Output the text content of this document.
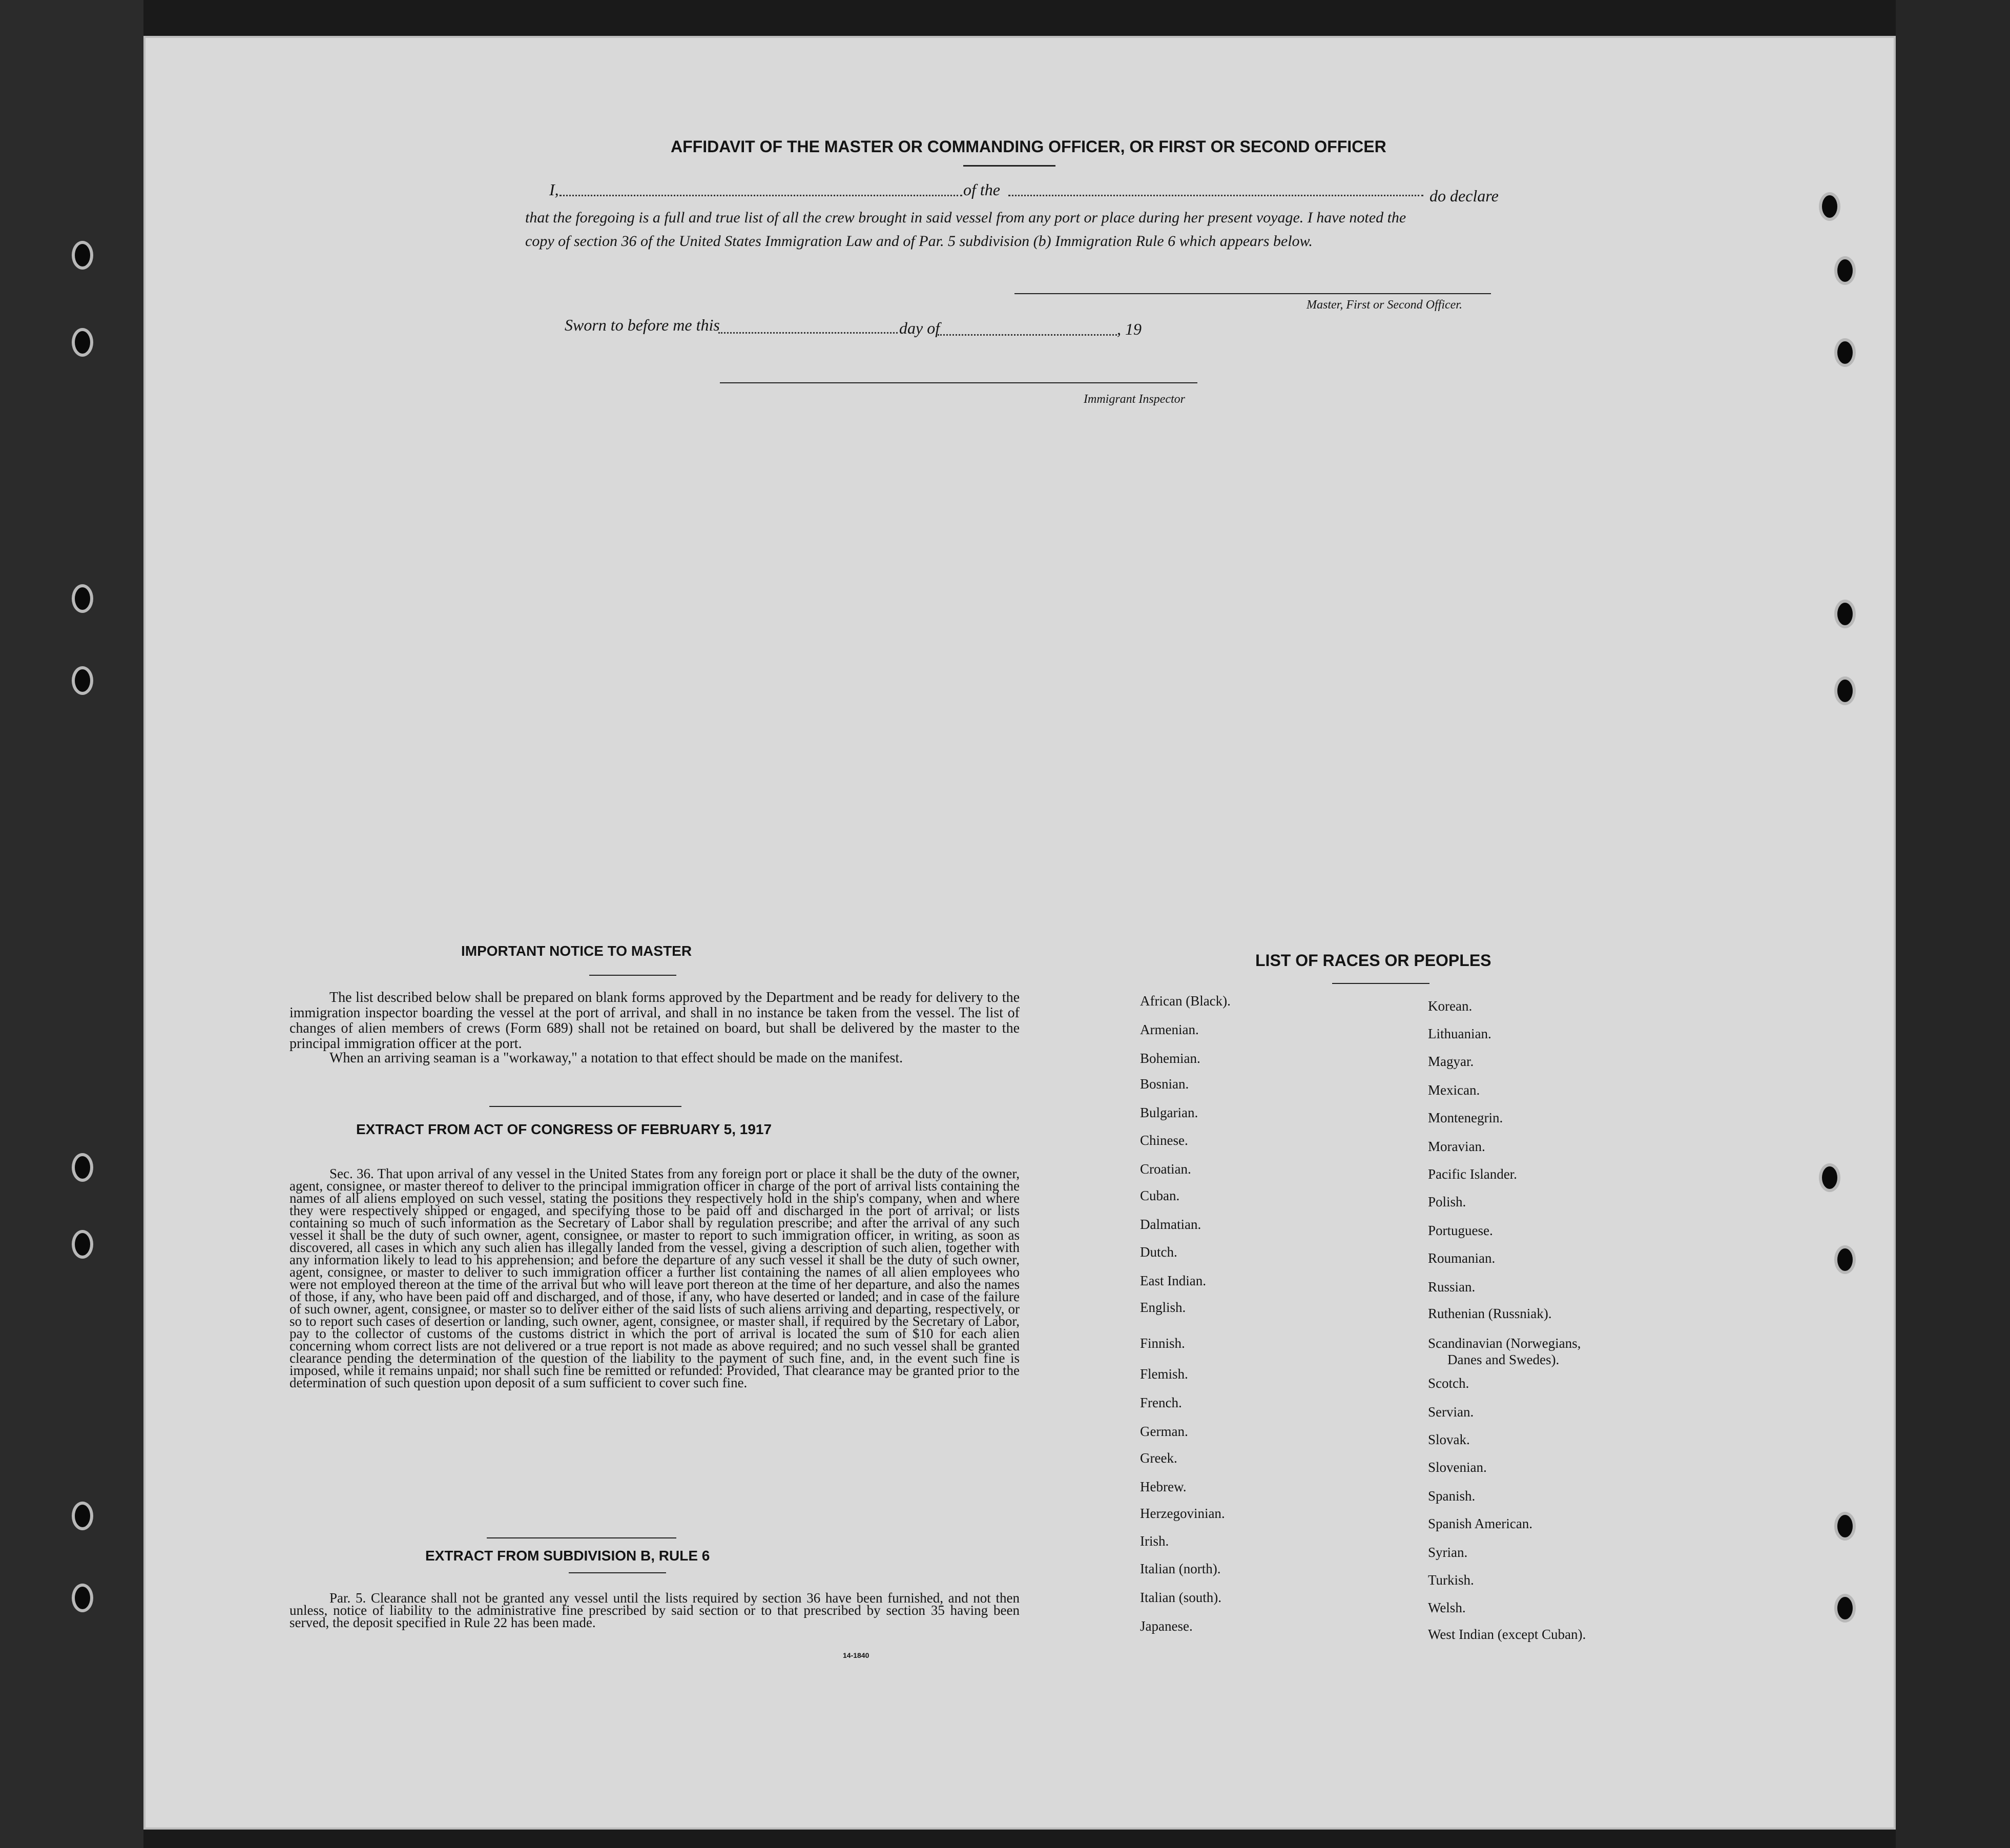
AFFIDAVIT OF THE MASTER OR COMMANDING OFFICER, OR FIRST OR SECOND OFFICER
I,	of the	do declare
that the foregoing is a full and true list of all the crew brought in said vessel from any port or place during her present voyage. I have noted the
copy of section 36 of the United States Immigration Law and of Par. 5 subdivision (b) Immigration Rule 6 which appears below.
Master, First or Second Officer.
Sworn to before me this	day of	, 19
Immigrant Inspector
IMPORTANT NOTICE TO MASTER
The list described below shall be prepared on blank forms approved by the Department and be ready for delivery to the immigration inspector boarding the vessel at the port of arrival, and shall in no instance be taken from the vessel. The list of changes of alien members of crews (Form 689) shall not be retained on board, but shall be delivered by the master to the principal immigration officer at the port.
When an arriving seaman is a "workaway," a notation to that effect should be made on the manifest.
EXTRACT FROM ACT OF CONGRESS OF FEBRUARY 5, 1917
Sec. 36. That upon arrival of any vessel in the United States from any foreign port or place it shall be the duty of the owner, agent, consignee, or master thereof to deliver to the principal immigration officer in charge of the port of arrival lists containing the names of all aliens employed on such vessel, stating the positions they respectively hold in the ship's company, when and where they were respectively shipped or engaged, and specifying those to be paid off and discharged in the port of arrival; or lists containing so much of such information as the Secretary of Labor shall by regulation prescribe; and after the arrival of any such vessel it shall be the duty of such owner, agent, consignee, or master to report to such immigration officer, in writing, as soon as discovered, all cases in which any such alien has illegally landed from the vessel, giving a description of such alien, together with any information likely to lead to his apprehension; and before the departure of any such vessel it shall be the duty of such owner, agent, consignee, or master to deliver to such immigration officer a further list containing the names of all alien employees who were not employed thereon at the time of the arrival but who will leave port thereon at the time of her departure, and also the names of those, if any, who have been paid off and discharged, and of those, if any, who have deserted or landed; and in case of the failure of such owner, agent, consignee, or master so to deliver either of the said lists of such aliens arriving and departing, respectively, or so to report such cases of desertion or landing, such owner, agent, consignee, or master shall, if required by the Secretary of Labor, pay to the collector of customs of the customs district in which the port of arrival is located the sum of $10 for each alien concerning whom correct lists are not delivered or a true report is not made as above required; and no such vessel shall be granted clearance pending the determination of the question of the liability to the payment of such fine, and, in the event such fine is imposed, while it remains unpaid; nor shall such fine be remitted or refunded: Provided, That clearance may be granted prior to the determination of such question upon deposit of a sum sufficient to cover such fine.
EXTRACT FROM SUBDIVISION B, RULE 6
Par. 5. Clearance shall not be granted any vessel until the lists required by section 36 have been furnished, and not then unless, notice of liability to the administrative fine prescribed by said section or to that prescribed by section 35 having been served, the deposit specified in Rule 22 has been made.
14-1840
LIST OF RACES OR PEOPLES
African (Black).
Armenian.
Bohemian.
Bosnian.
Bulgarian.
Chinese.
Croatian.
Cuban.
Dalmatian.
Dutch.
East Indian.
English.
Finnish.
Flemish.
French.
German.
Greek.
Hebrew.
Herzegovinian.
Irish.
Italian (north).
Italian (south).
Japanese.
Korean.
Lithuanian.
Magyar.
Mexican.
Montenegrin.
Moravian.
Pacific Islander.
Polish.
Portuguese.
Roumanian.
Russian.
Ruthenian (Russniak).
Scandinavian (Norwegians,
Danes and Swedes).
Scotch.
Servian.
Slovak.
Slovenian.
Spanish.
Spanish American.
Syrian.
Turkish.
Welsh.
West Indian (except Cuban).
